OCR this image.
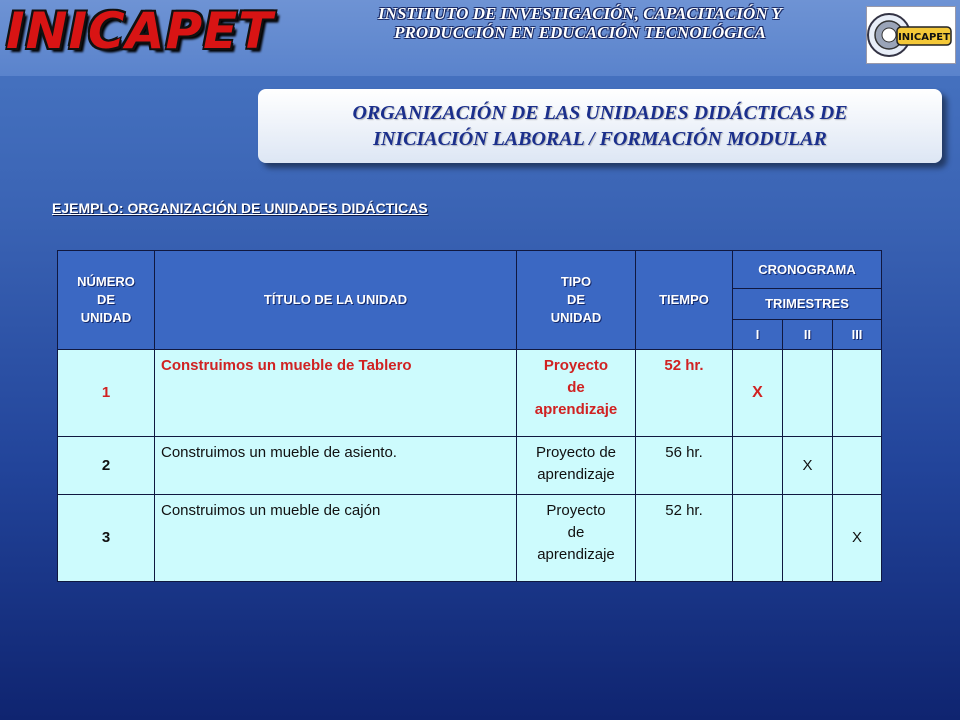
INICAPET	INSTITUTO DE INVESTIGACIÓN, CAPACITACIÓN Y
PRODUCCIÓN EN EDUCACIÓN TECNOLÓGICA	INICAPET
ORGANIZACIÓN DE LAS UNIDADES DIDÁCTICAS DE
INICIACIÓN LABORAL / FORMACIÓN MODULAR
EJEMPLO: ORGANIZACIÓN DE UNIDADES DIDÁCTICAS
NÚMERO
DE
UNIDAD	TÍTULO DE LA UNIDAD	TIPO
DE
UNIDAD	TIEMPO	CRONOGRAMA		
				TRIMESTRES		
				I	II	III
1	Construimos un mueble de Tablero	Proyecto
de
aprendizaje	52 hr.	X		
2	Construimos un mueble de asiento.	Proyecto de
aprendizaje	56 hr.		X	
3	Construimos un mueble de cajón	Proyecto
de
aprendizaje	52 hr.			X
